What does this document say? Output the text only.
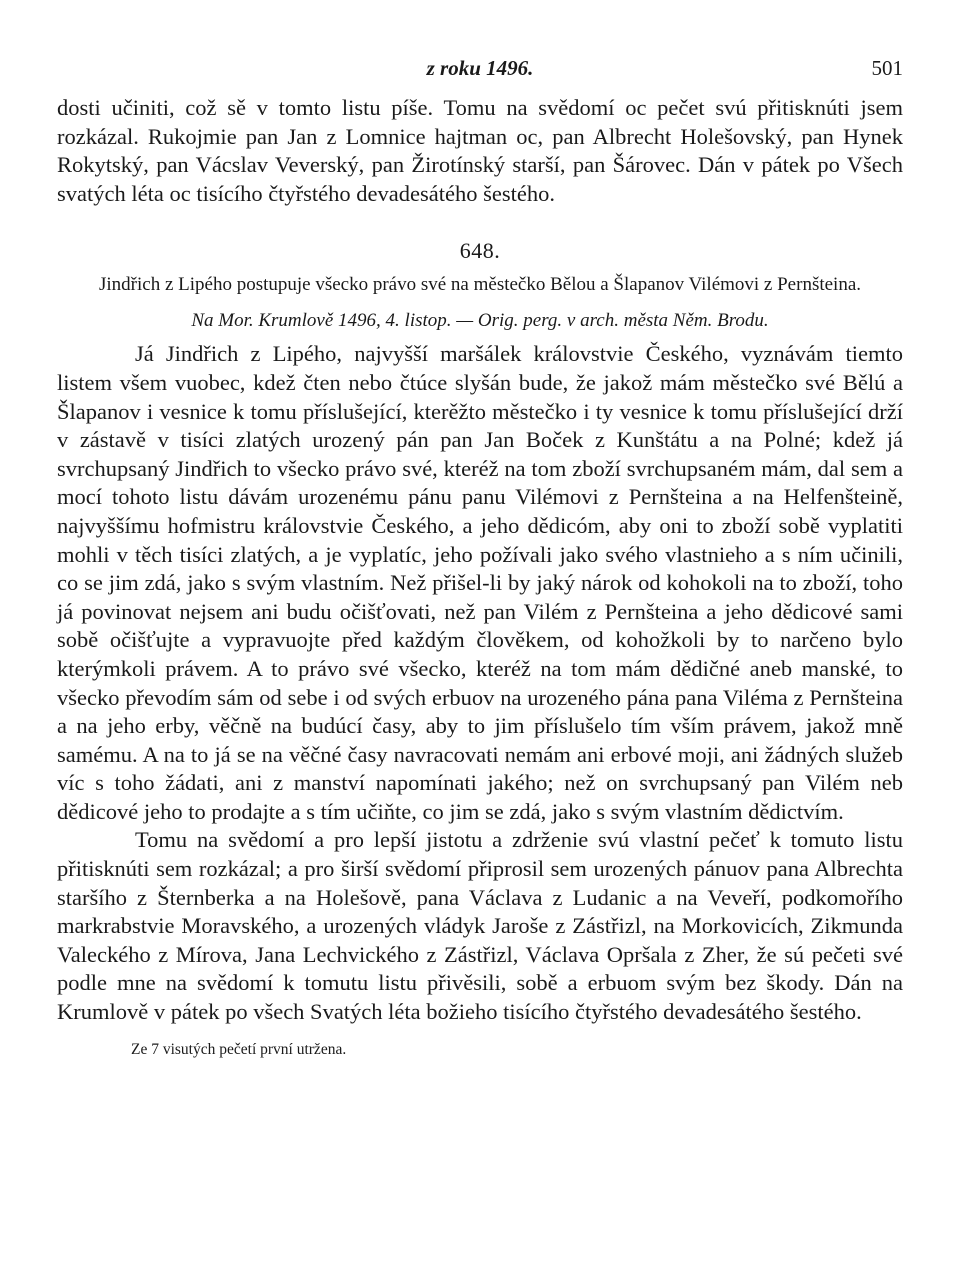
z roku 1496.	501

dosti učiniti, což sě v tomto listu píše. Tomu na svědomí oc pečet svú přitisknúti jsem rozkázal. Rukojmie pan Jan z Lomnice hajtman oc, pan Albrecht Holešovský, pan Hynek Rokytský, pan Vácslav Veverský, pan Žirotínský starší, pan Šárovec. Dán v pátek po Všech svatých léta oc tisícího čtyřstého devadesátého šestého.

648.
Jindřich z Lipého postupuje všecko právo své na městečko Bělou a Šlapanov Vilémovi z Pernšteina.
Na Mor. Krumlově 1496, 4. listop. — Orig. perg. v arch. města Něm. Brodu.

Já Jindřich z Lipého, najvyšší maršálek královstvie Českého, vyznávám tiemto listem všem vuobec, kdež čten nebo čtúce slyšán bude, že jakož mám městečko své Bělú a Šlapanov i vesnice k tomu příslušející, kterěžto městečko i ty vesnice k tomu příslušející drží v zástavě v tisíci zlatých urozený pán pan Jan Boček z Kunštátu a na Polné; kdež já svrchupsaný Jindřich to všecko právo své, kteréž na tom zboží svrchupsaném mám, dal sem a mocí tohoto listu dávám urozenému pánu panu Vilémovi z Pernšteina a na Helfenšteině, najvyššímu hofmistru královstvie Českého, a jeho dědicóm, aby oni to zboží sobě vyplatiti mohli v těch tisíci zlatých, a je vyplatíc, jeho požívali jako svého vlastnieho a s ním učinili, co se jim zdá, jako s svým vlastním. Než přišel-li by jaký nárok od kohokoli na to zboží, toho já povinovat nejsem ani budu očišťovati, než pan Vilém z Pernšteina a jeho dědicové sami sobě očišťujte a vypravuojte před každým člověkem, od kohožkoli by to narčeno bylo kterýmkoli právem. A to právo své všecko, kteréž na tom mám dědičné aneb manské, to všecko převodím sám od sebe i od svých erbuov na urozeného pána pana Viléma z Pernšteina a na jeho erby, věčně na budúcí časy, aby to jim příslušelo tím vším právem, jakož mně samému. A na to já se na věčné časy navracovati nemám ani erbové moji, ani žádných služeb víc s toho žádati, ani z manství napomínati jakého; než on svrchupsaný pan Vilém neb dědicové jeho to prodajte a s tím učiňte, co jim se zdá, jako s svým vlastním dědictvím.

Tomu na svědomí a pro lepší jistotu a zdrženie svú vlastní pečeť k tomuto listu přitisknúti sem rozkázal; a pro širší svědomí připrosil sem urozených pánuov pana Albrechta staršího z Šternberka a na Holešově, pana Václava z Ludanic a na Veveří, podkomořího markrabstvie Moravského, a urozených vládyk Jaroše z Zástřizl, na Morkovicích, Zikmunda Valeckého z Mírova, Jana Lechvického z Zástřizl, Václava Opršala z Zher, že sú pečeti své podle mne na svědomí k tomutu listu přivěsili, sobě a erbuom svým bez škody. Dán na Krumlově v pátek po všech Svatých léta božieho tisícího čtyřstého devadesátého šestého.

Ze 7 visutých pečetí první utržena.
